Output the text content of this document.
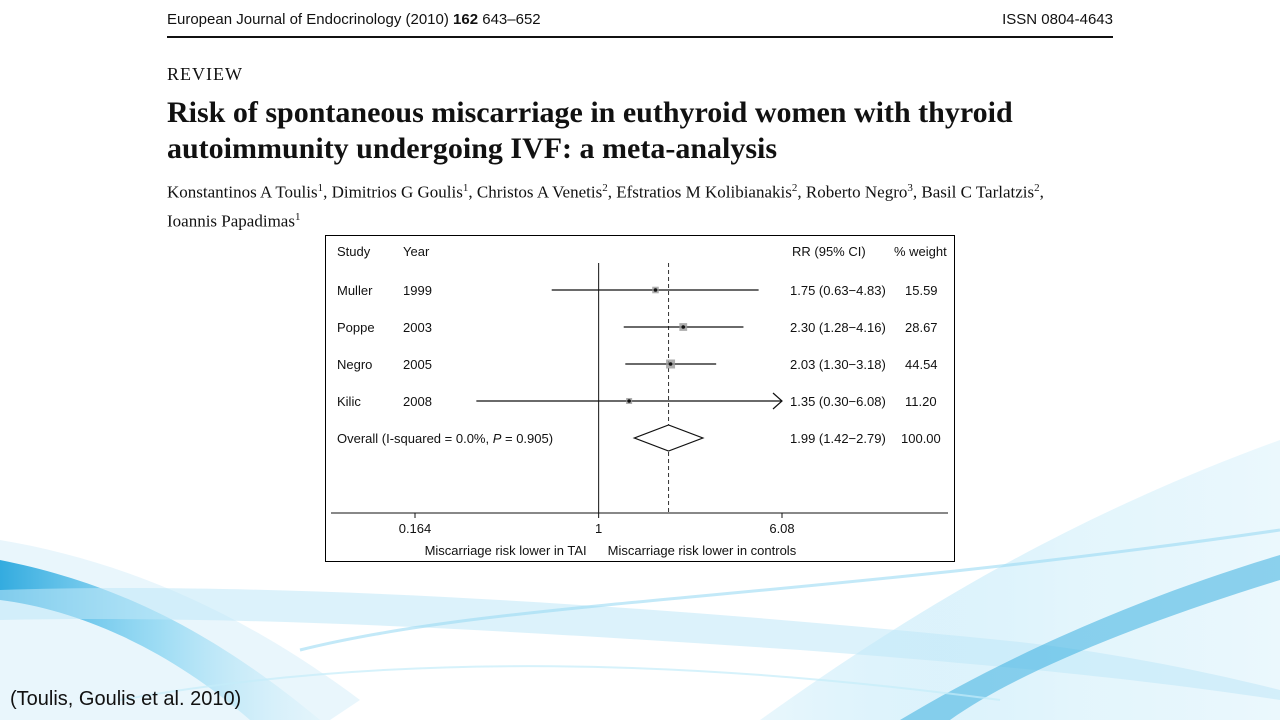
European Journal of Endocrinology (2010) 162 643–652	ISSN 0804-4643
REVIEW
Risk of spontaneous miscarriage in euthyroid women with thyroid autoimmunity undergoing IVF: a meta-analysis
Konstantinos A Toulis$^1$, Dimitrios G Goulis$^1$, Christos A Venetis$^2$, Efstratios M Kolibianakis$^2$, Roberto Negro$^3$, Basil C Tarlatzis$^2$,
Ioannis Papadimas$^1$
Study	Year	RR (95% CI) % weight
Muller 1999	1.75 (0.63−4.83) 15.59
Poppe 2003	2.30 (1.28−4.16) 28.67
Negro 2005	2.03 (1.30−3.18) 44.54
Kilic	2008	1.35 (0.30−6.08) 11.20
Overall (I-squared = 0.0%, P = 0.905)	1.99 (1.42−2.79) 100.00
0.164	1	6.08
Miscarriage risk lower in TAI Miscarriage risk lower in controls
(Toulis, Goulis et al. 2010)
